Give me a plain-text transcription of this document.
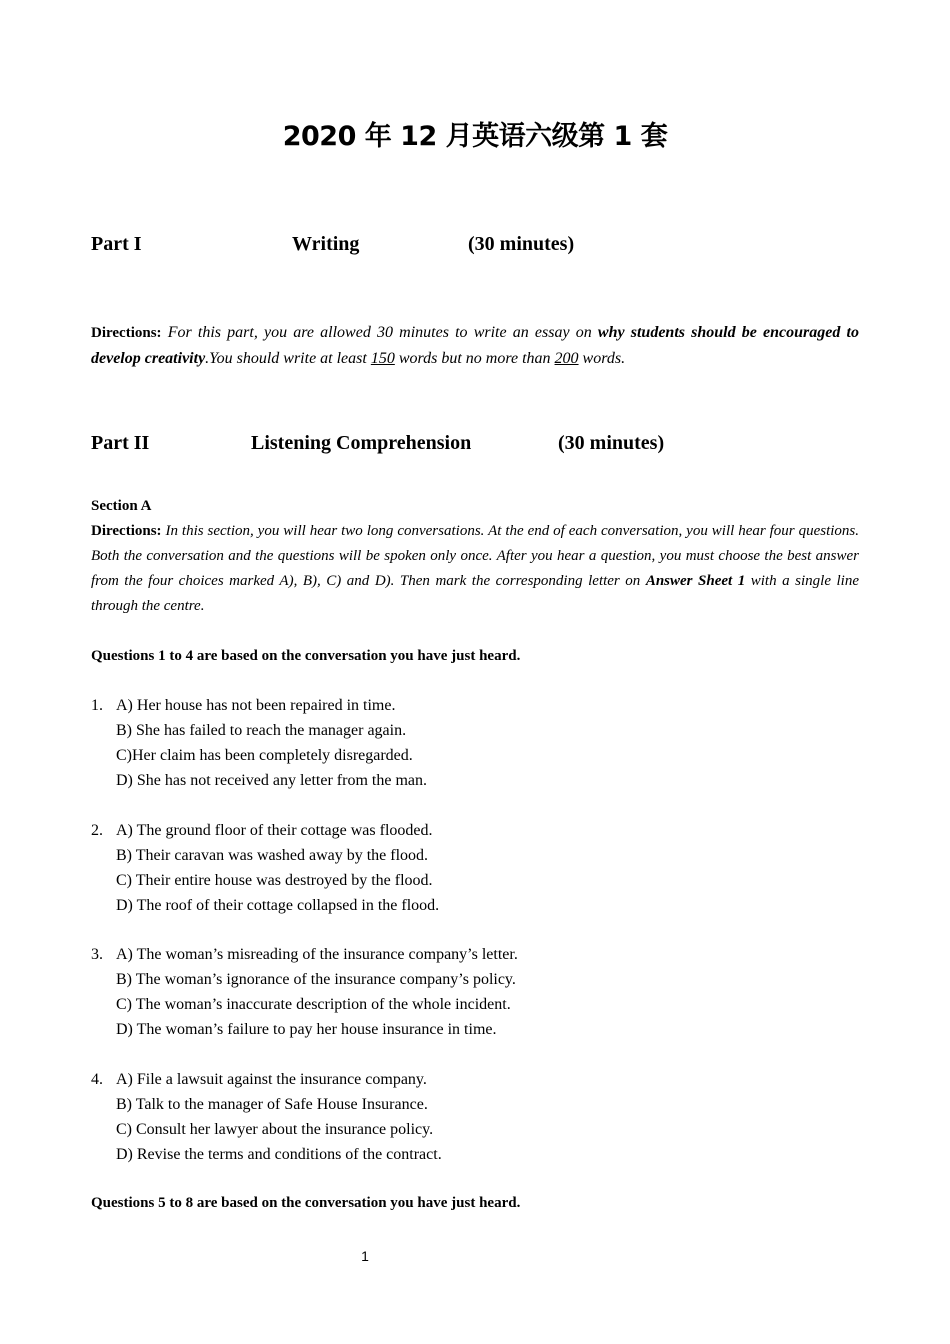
2020 年 12 月英语六级第 1 套
Part I	Writing	(30 minutes)
Directions: For this part, you are allowed 30 minutes to write an essay on why students should be encouraged to develop creativity.You should write at least 150 words but no more than 200 words.
Part II	Listening Comprehension	(30 minutes)
Section A
Directions: In this section, you will hear two long conversations. At the end of each conversation, you will hear four questions. Both the conversation and the questions will be spoken only once. After you hear a question, you must choose the best answer from the four choices marked A), B), C) and D). Then mark the corresponding letter on Answer Sheet 1 with a single line through the centre.
Questions 1 to 4 are based on the conversation you have just heard.
1. A) Her house has not been repaired in time.
B) She has failed to reach the manager again.
C)Her claim has been completely disregarded.
D) She has not received any letter from the man.
2. A) The ground floor of their cottage was flooded.
B) Their caravan was washed away by the flood.
C) Their entire house was destroyed by the flood.
D) The roof of their cottage collapsed in the flood.
3. A) The woman’s misreading of the insurance company’s letter.
B) The woman’s ignorance of the insurance company’s policy.
C) The woman’s inaccurate description of the whole incident.
D) The woman’s failure to pay her house insurance in time.
4. A) File a lawsuit against the insurance company.
B) Talk to the manager of Safe House Insurance.
C) Consult her lawyer about the insurance policy.
D) Revise the terms and conditions of the contract.
Questions 5 to 8 are based on the conversation you have just heard.
1
